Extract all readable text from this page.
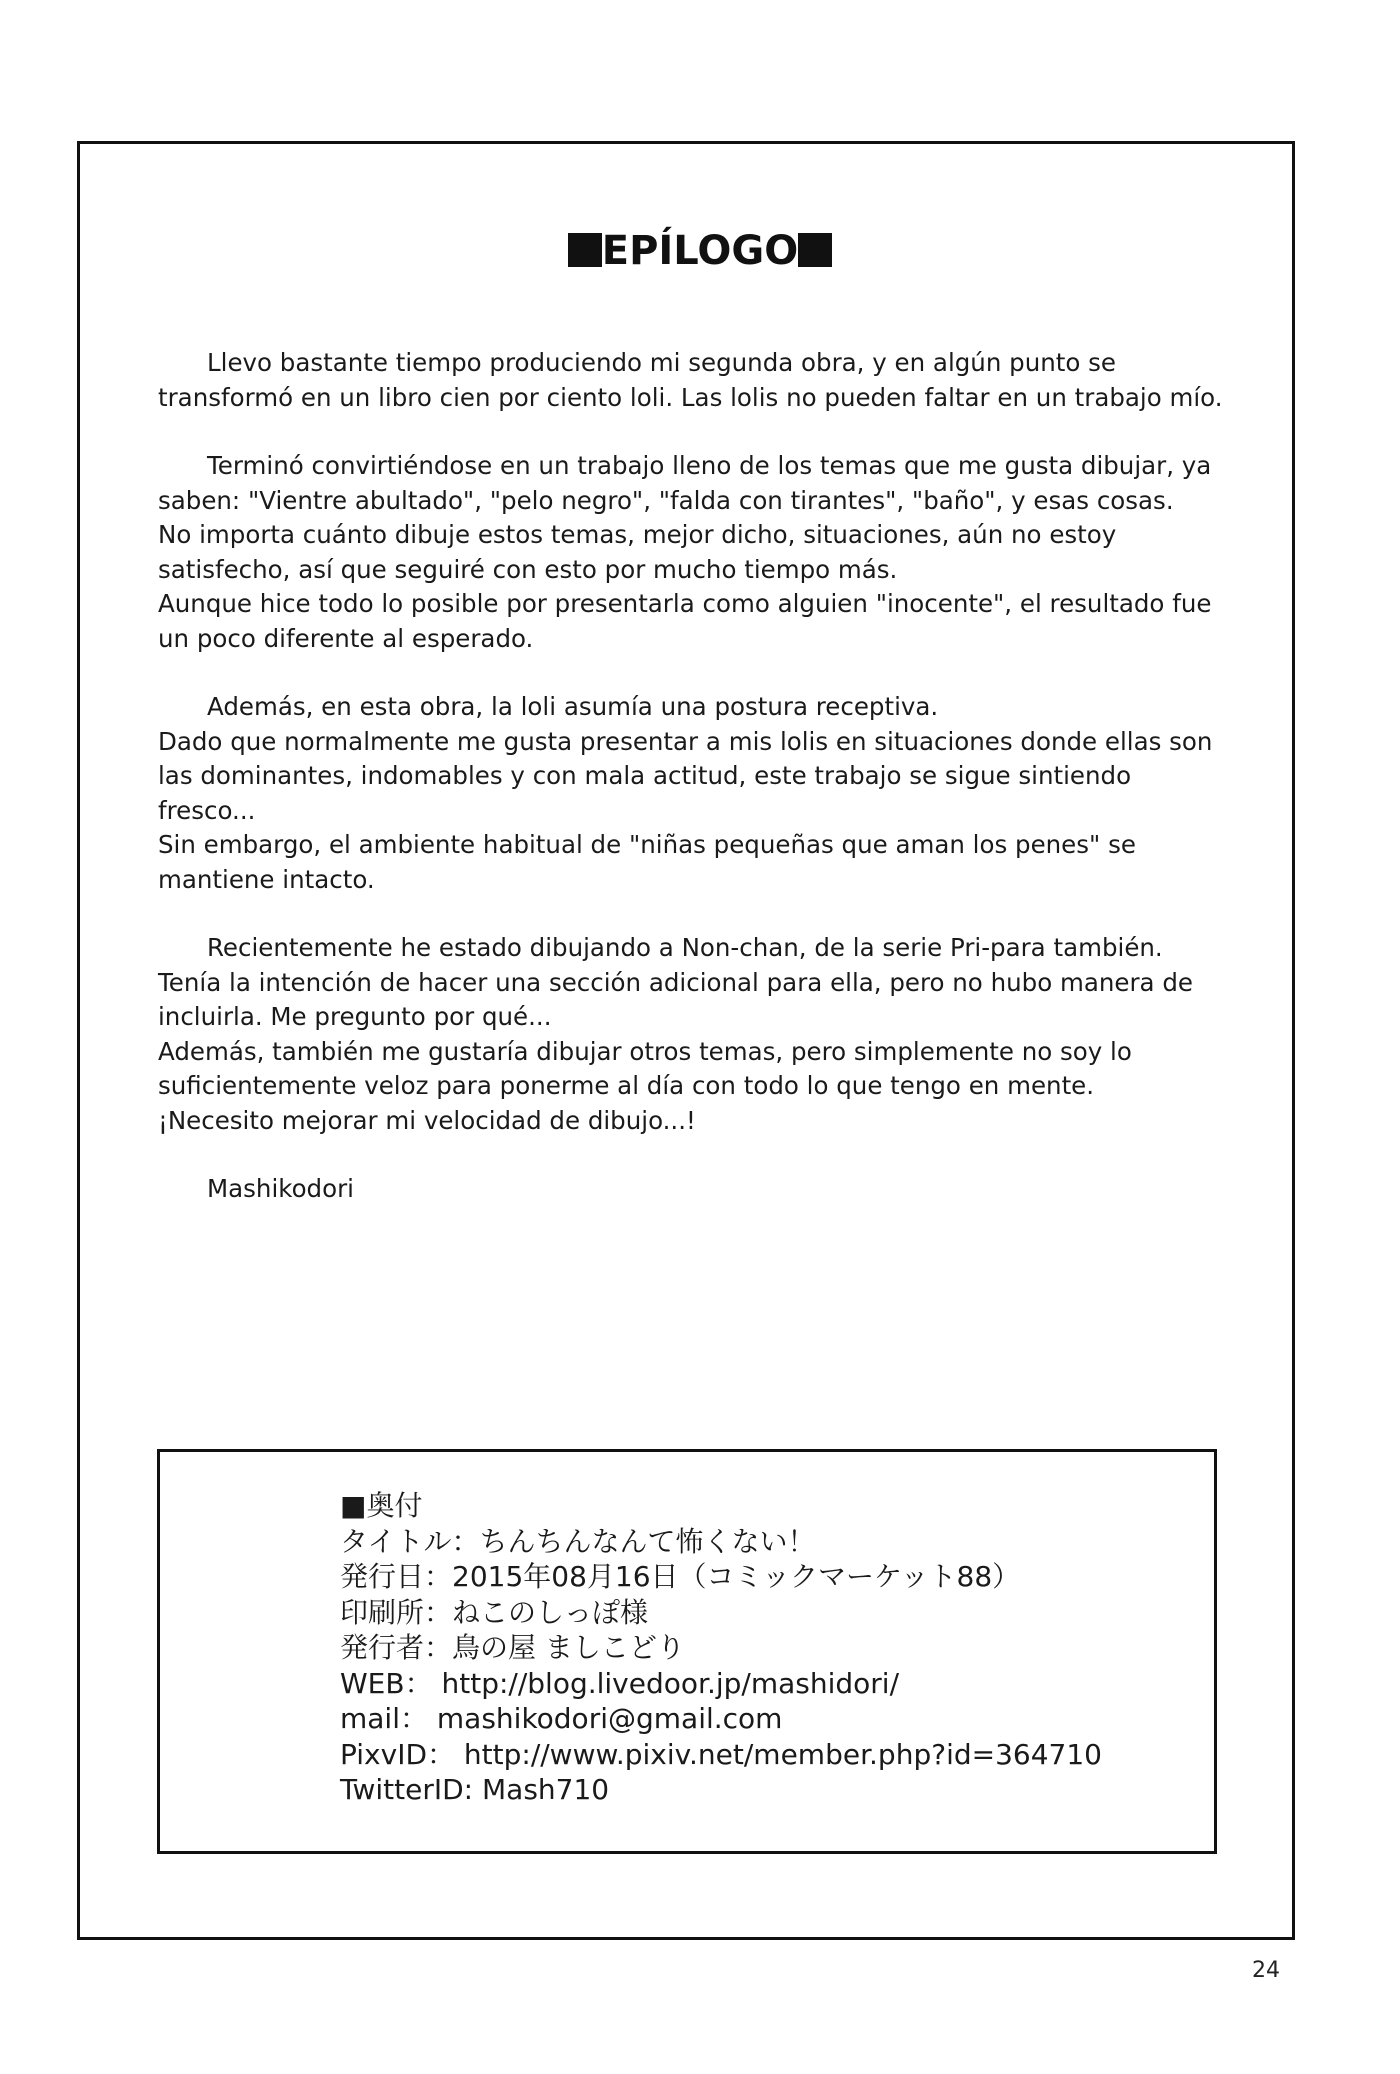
EPÍLOGO
Llevo bastante tiempo produciendo mi segunda obra, y en algún punto se
transformó en un libro cien por ciento loli. Las lolis no pueden faltar en un trabajo mío.
Terminó convirtiéndose en un trabajo lleno de los temas que me gusta dibujar, ya
saben: "Vientre abultado", "pelo negro", "falda con tirantes", "baño", y esas cosas.
No importa cuánto dibuje estos temas, mejor dicho, situaciones, aún no estoy
satisfecho, así que seguiré con esto por mucho tiempo más.
Aunque hice todo lo posible por presentarla como alguien "inocente", el resultado fue
un poco diferente al esperado.
Además, en esta obra, la loli asumía una postura receptiva.
Dado que normalmente me gusta presentar a mis lolis en situaciones donde ellas son
las dominantes, indomables y con mala actitud, este trabajo se sigue sintiendo
fresco...
Sin embargo, el ambiente habitual de "niñas pequeñas que aman los penes" se
mantiene intacto.
Recientemente he estado dibujando a Non-chan, de la serie Pri-para también.
Tenía la intención de hacer una sección adicional para ella, pero no hubo manera de
incluirla. Me pregunto por qué...
Además, también me gustaría dibujar otros temas, pero simplemente no soy lo
suficientemente veloz para ponerme al día con todo lo que tengo en mente.
¡Necesito mejorar mi velocidad de dibujo...!
Mashikodori
■奥付
タイトル：ちんちんなんて怖くない！
発行日：2015年08月16日（コミックマーケット88）
印刷所：ねこのしっぽ様
発行者：鳥の屋 ましこどり
WEB： http://blog.livedoor.jp/mashidori/
mail： mashikodori@gmail.com
PixvID： http://www.pixiv.net/member.php?id=364710
TwitterID: Mash710
24
